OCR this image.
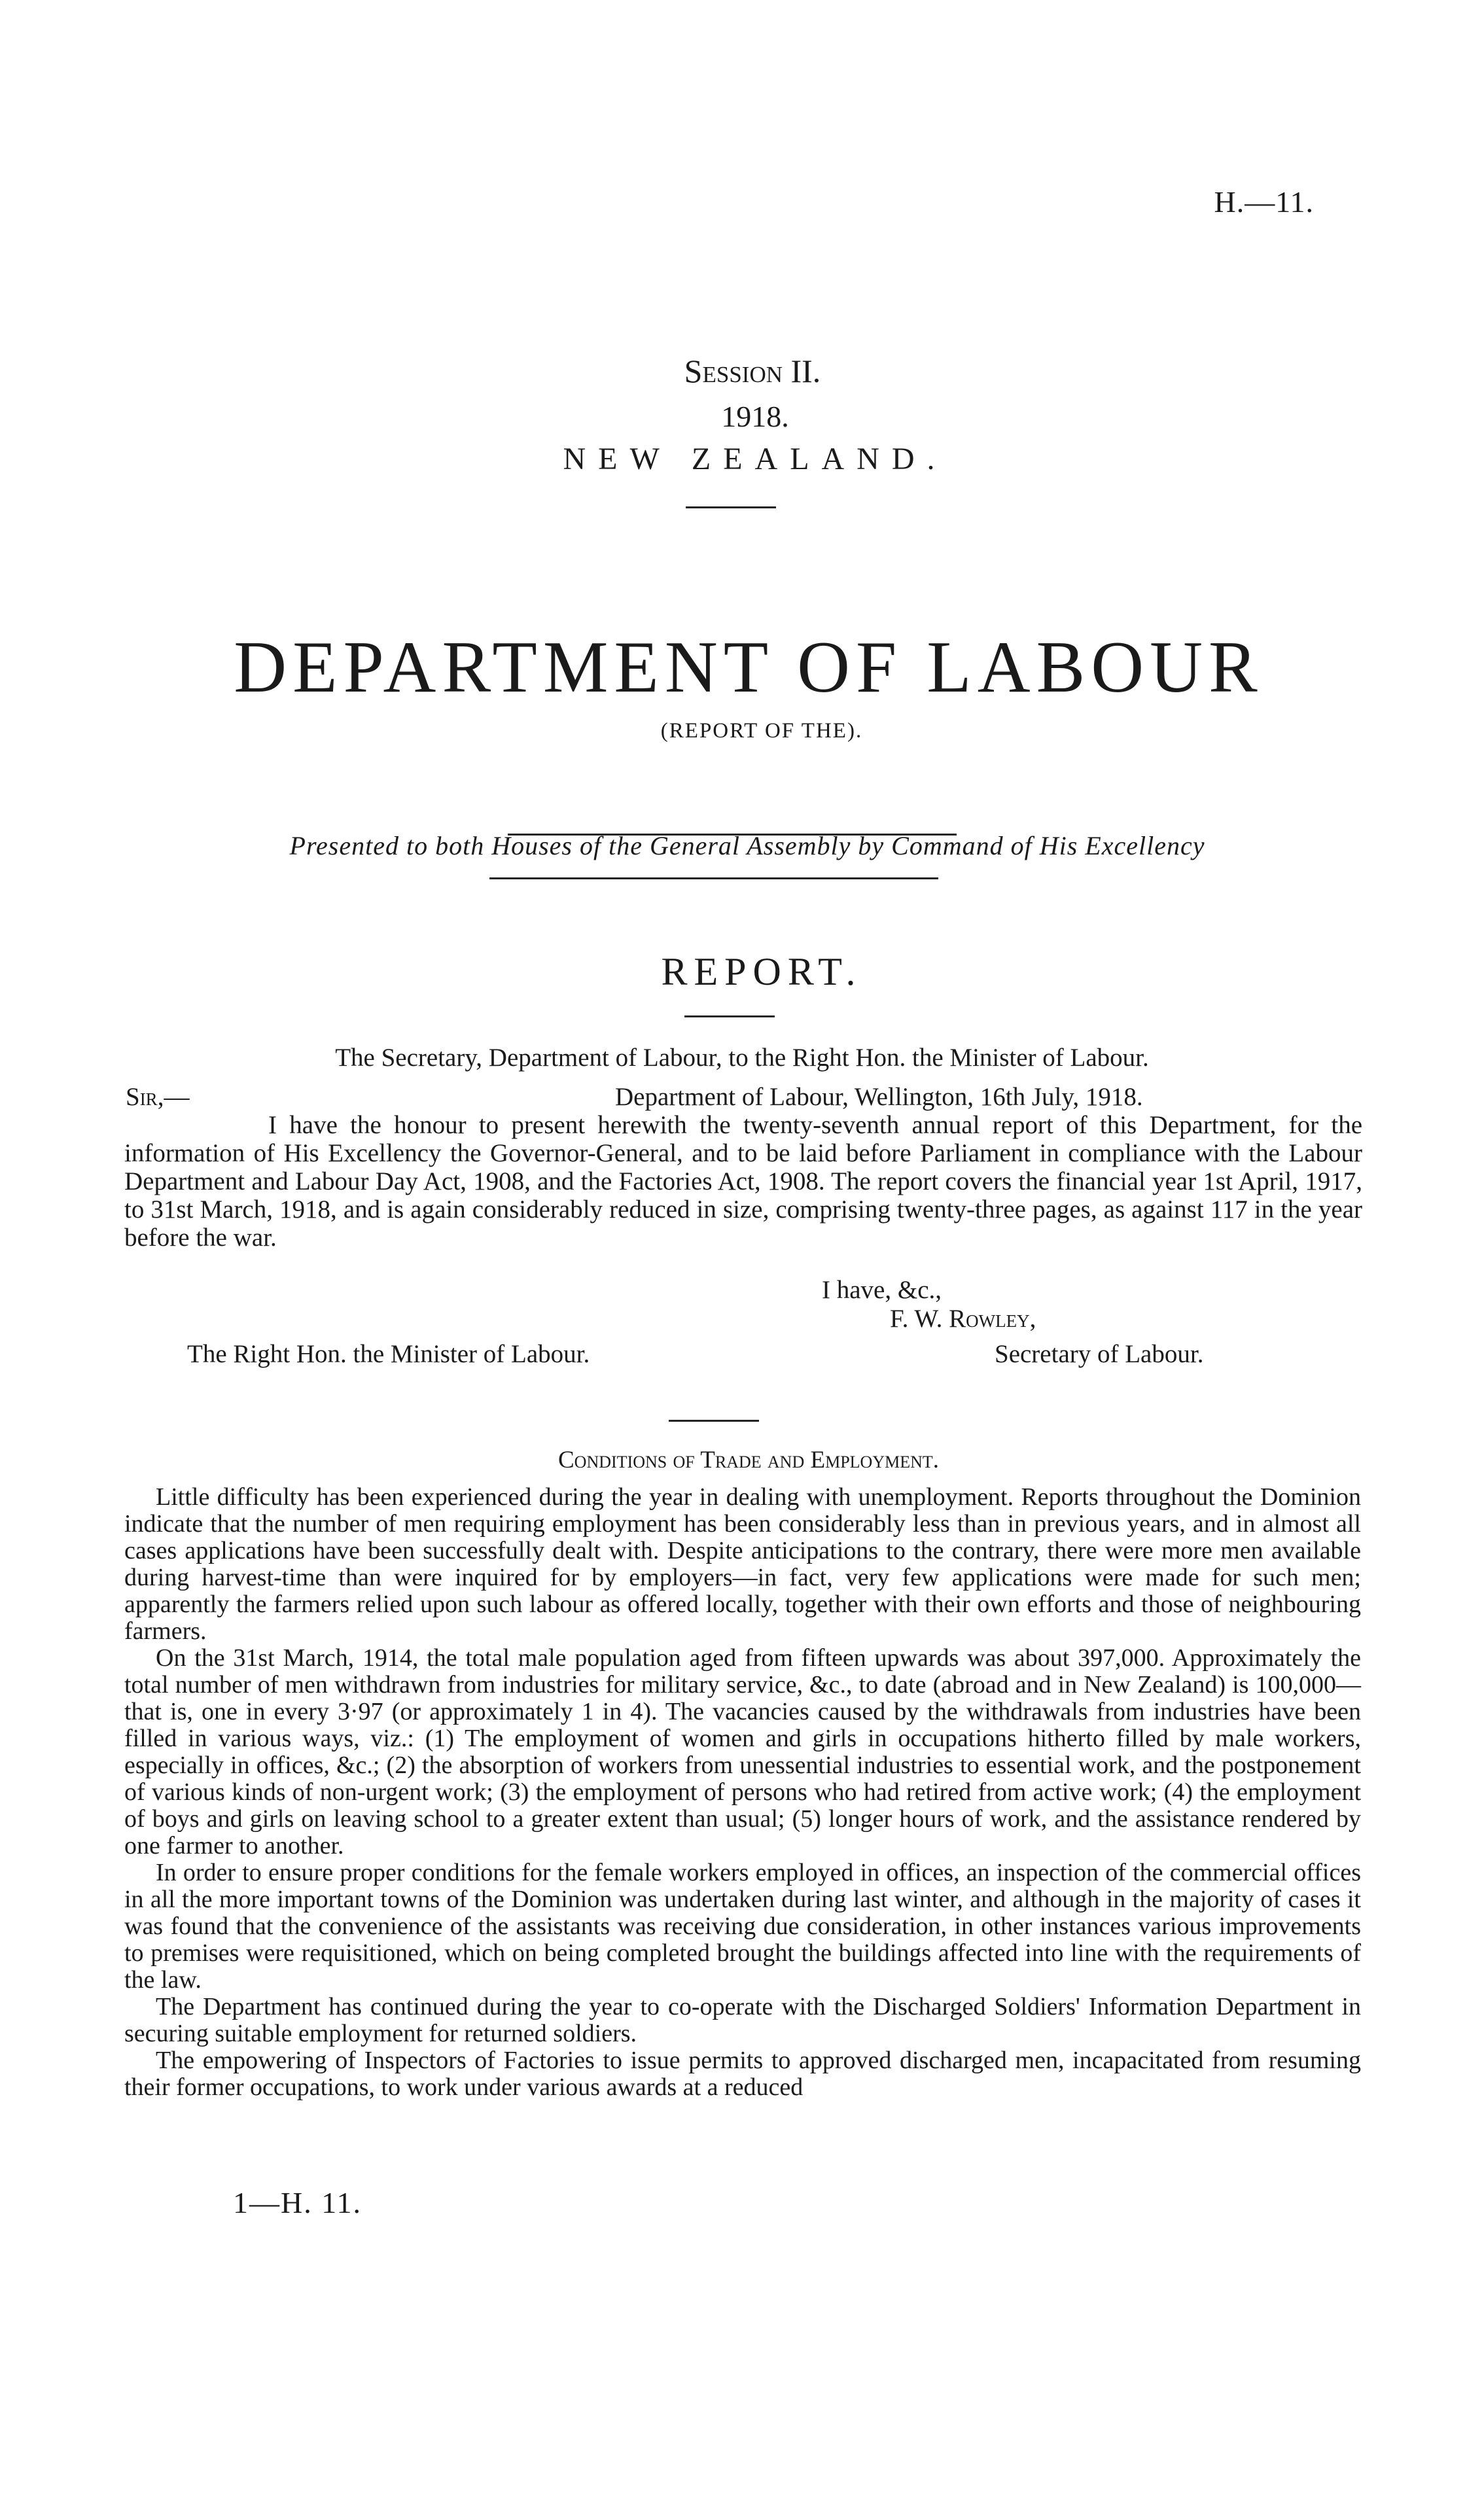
H.—11.
Session II.
1918.
NEW ZEALAND.
DEPARTMENT OF LABOUR
(REPORT OF THE).
Presented to both Houses of the General Assembly by Command of His Excellency
REPORT.
The Secretary, Department of Labour, to the Right Hon. the Minister of Labour.
Sir,—	Department of Labour, Wellington, 16th July, 1918.
I have the honour to present herewith the twenty-seventh annual report of this Department, for the information of His Excellency the Governor-General, and to be laid before Parliament in compliance with the Labour Department and Labour Day Act, 1908, and the Factories Act, 1908. The report covers the financial year 1st April, 1917, to 31st March, 1918, and is again considerably reduced in size, comprising twenty-three pages, as against 117 in the year before the war.
I have, &c.,
F. W. Rowley,
The Right Hon. the Minister of Labour.	Secretary of Labour.
Conditions of Trade and Employment.

Little difficulty has been experienced during the year in dealing with unemployment. Reports throughout the Dominion indicate that the number of men requiring employment has been considerably less than in previous years, and in almost all cases applications have been successfully dealt with. Despite anticipations to the contrary, there were more men available during harvest-time than were inquired for by employers—in fact, very few applications were made for such men; apparently the farmers relied upon such labour as offered locally, together with their own efforts and those of neighbouring farmers.

On the 31st March, 1914, the total male population aged from fifteen upwards was about 397,000. Approximately the total number of men withdrawn from industries for military service, &c., to date (abroad and in New Zealand) is 100,000—that is, one in every 3·97 (or approximately 1 in 4). The vacancies caused by the withdrawals from industries have been filled in various ways, viz.: (1) The employment of women and girls in occupations hitherto filled by male workers, especially in offices, &c.; (2) the absorption of workers from unessential industries to essential work, and the postponement of various kinds of non-urgent work; (3) the employment of persons who had retired from active work; (4) the employment of boys and girls on leaving school to a greater extent than usual; (5) longer hours of work, and the assistance rendered by one farmer to another.

In order to ensure proper conditions for the female workers employed in offices, an inspection of the commercial offices in all the more important towns of the Dominion was undertaken during last winter, and although in the majority of cases it was found that the convenience of the assistants was receiving due consideration, in other instances various improvements to premises were requisitioned, which on being completed brought the buildings affected into line with the requirements of the law.

The Department has continued during the year to co-operate with the Discharged Soldiers' Information Department in securing suitable employment for returned soldiers.

The empowering of Inspectors of Factories to issue permits to approved discharged men, incapacitated from resuming their former occupations, to work under various awards at a reduced

1—H. 11.
